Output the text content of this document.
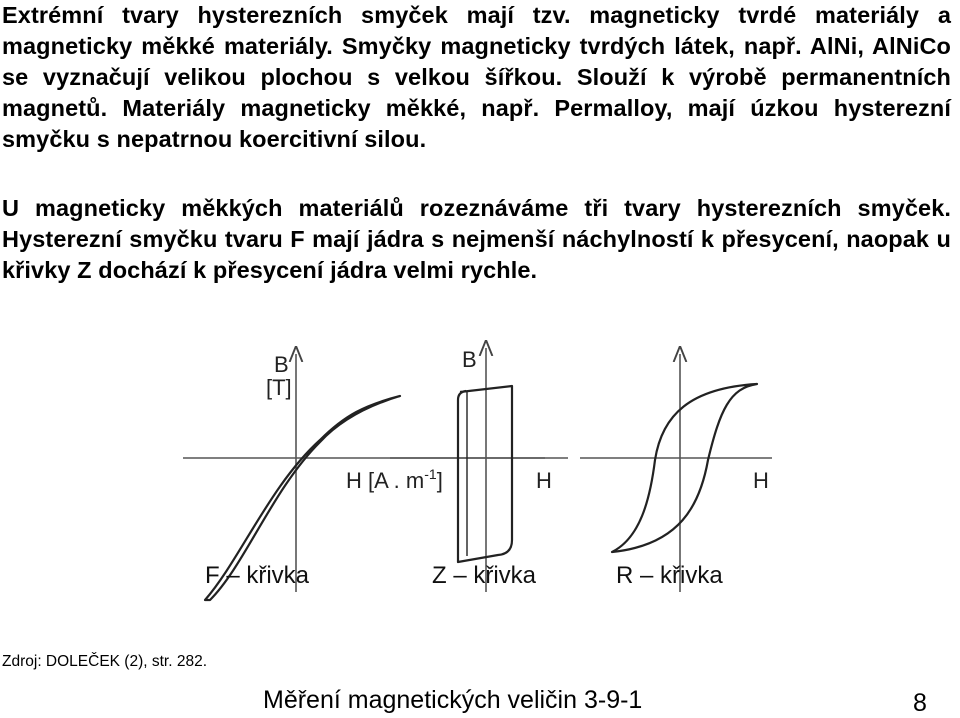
Extrémní tvary hysterezních smyček mají tzv. magneticky tvrdé materiály a magneticky měkké materiály. Smyčky magneticky tvrdých látek, např. AlNi, AlNiCo se vyznačují velikou plochou s velkou šířkou. Slouží k výrobě permanentních magnetů. Materiály magneticky měkké, např. Permalloy, mají úzkou hysterezní smyčku s nepatrnou koercitivní silou.

U magneticky měkkých materiálů rozeznáváme tři tvary hysterezních smyček. Hysterezní smyčku tvaru F mají jádra s nejmenší náchylností k přesycení, naopak u křivky Z dochází k přesycení jádra velmi rychle.

B
[T]
H [A . $m^{-1}$]
F – křivka
B
H
Z – křivka
H
R – křivka
Zdroj: DOLEČEK (2), str. 282.
Měření magnetických veličin 3-9-1	8
